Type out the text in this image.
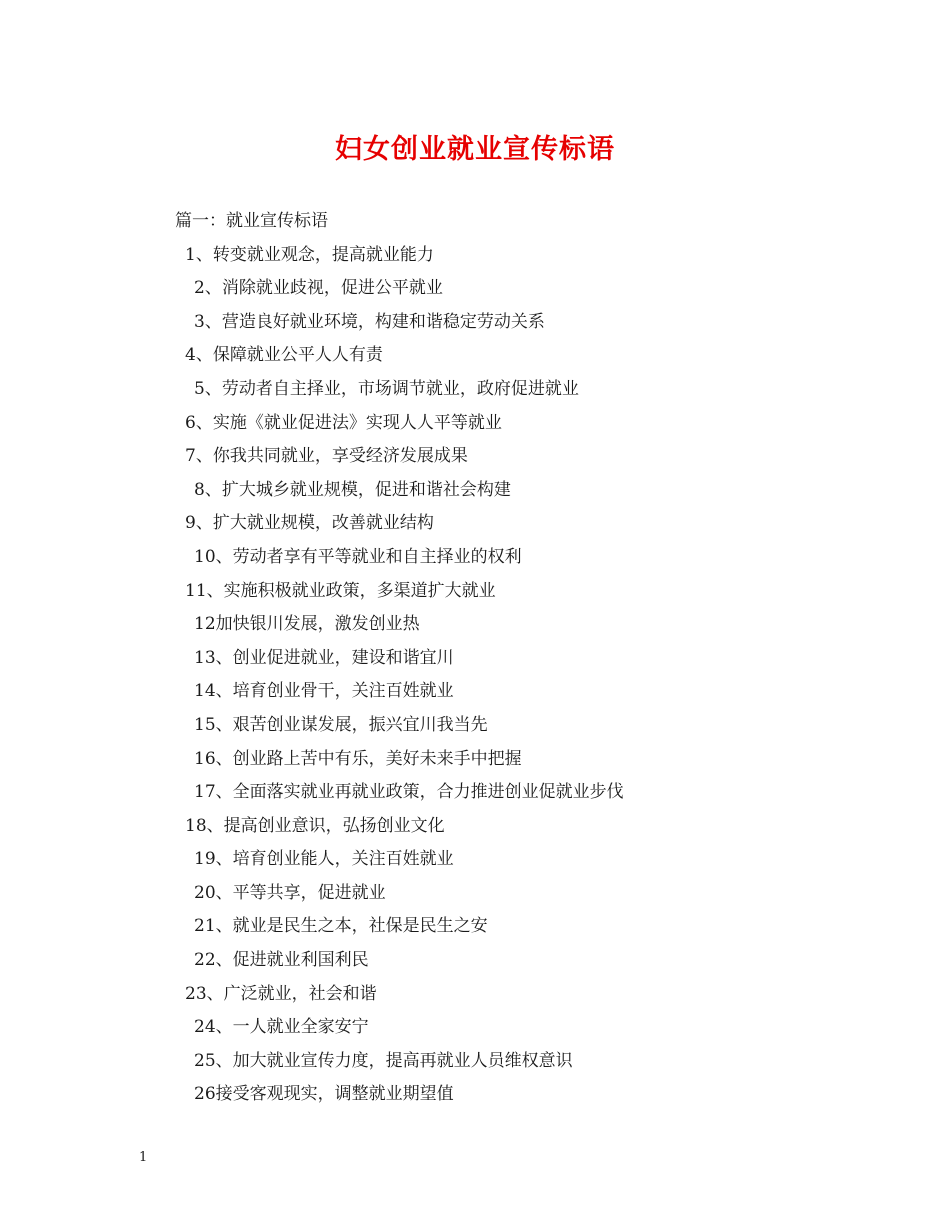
妇女创业就业宣传标语
篇一：就业宣传标语
1、转变就业观念，提高就业能力
2、消除就业歧视，促进公平就业
3、营造良好就业环境，构建和谐稳定劳动关系
4、保障就业公平人人有责
5、劳动者自主择业，市场调节就业，政府促进就业
6、实施《就业促进法》实现人人平等就业
7、你我共同就业，享受经济发展成果
8、扩大城乡就业规模，促进和谐社会构建
9、扩大就业规模，改善就业结构
10、劳动者享有平等就业和自主择业的权利
11、实施积极就业政策，多渠道扩大就业
12加快银川发展，激发创业热
13、创业促进就业，建设和谐宜川
14、培育创业骨干，关注百姓就业
15、艰苦创业谋发展，振兴宜川我当先
16、创业路上苦中有乐，美好未来手中把握
17、全面落实就业再就业政策，合力推进创业促就业步伐
18、提高创业意识，弘扬创业文化
19、培育创业能人，关注百姓就业
20、平等共享，促进就业
21、就业是民生之本，社保是民生之安
22、促进就业利国利民
23、广泛就业，社会和谐
24、一人就业全家安宁
25、加大就业宣传力度，提高再就业人员维权意识
26接受客观现实，调整就业期望值
1
